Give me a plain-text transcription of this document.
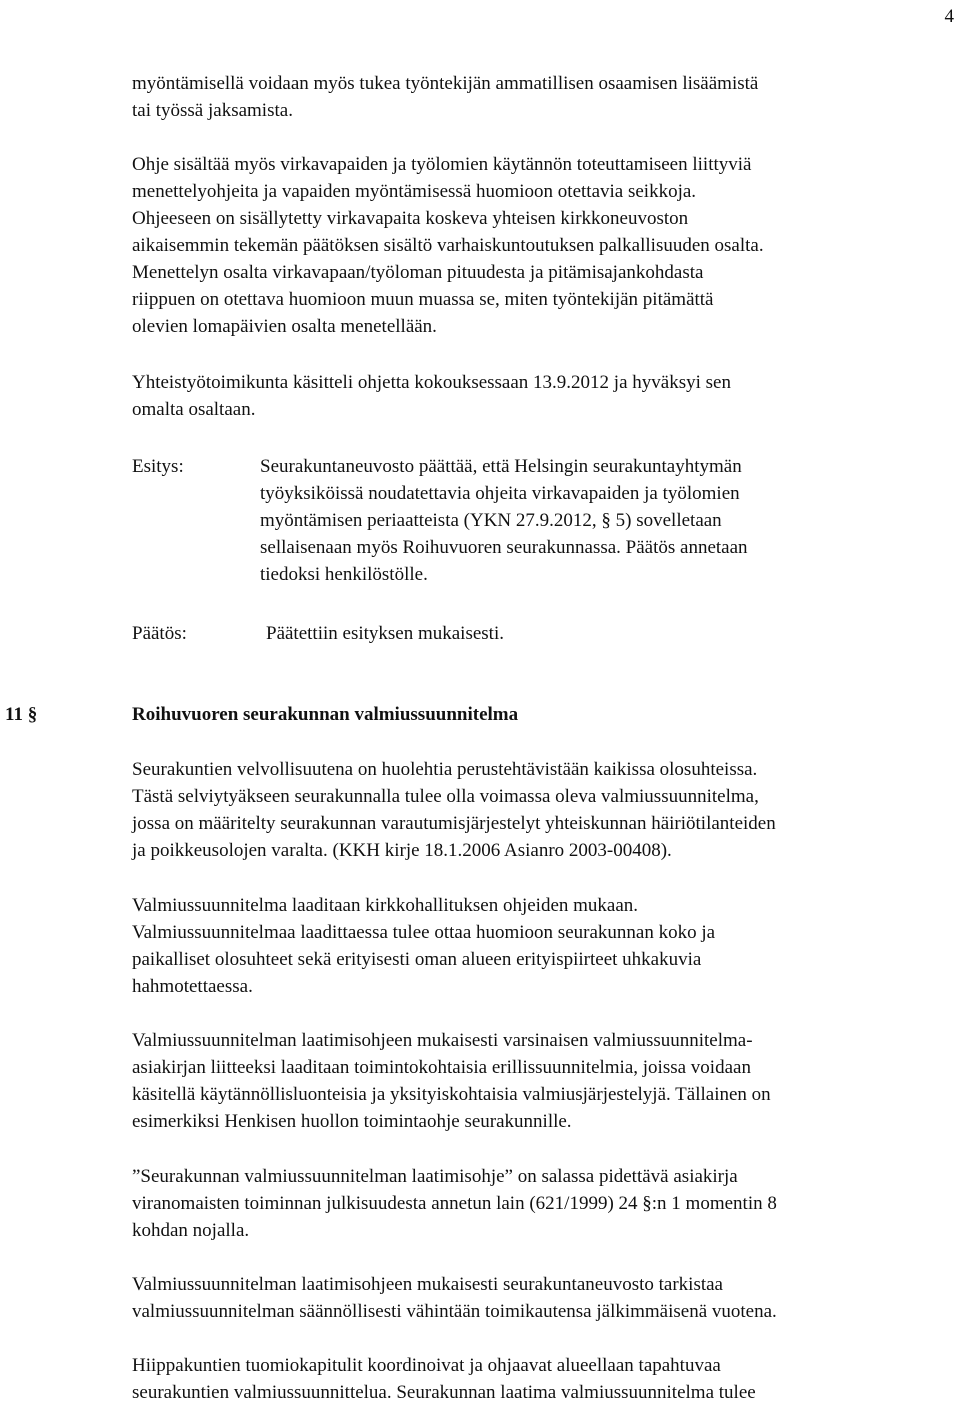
4
myöntämisellä voidaan myös tukea työntekijän ammatillisen osaamisen lisäämistä
tai työssä jaksamista.
Ohje sisältää myös virkavapaiden ja työlomien käytännön toteuttamiseen liittyviä
menettelyohjeita ja vapaiden myöntämisessä huomioon otettavia seikkoja.
Ohjeeseen on sisällytetty virkavapaita koskeva yhteisen kirkkoneuvoston
aikaisemmin tekemän päätöksen sisältö varhaiskuntoutuksen palkallisuuden osalta.
Menettelyn osalta virkavapaan/työloman pituudesta ja pitämisajankohdasta
riippuen on otettava huomioon muun muassa se, miten työntekijän pitämättä
olevien lomapäivien osalta menetellään.
Yhteistyötoimikunta käsitteli ohjetta kokouksessaan 13.9.2012 ja hyväksyi sen
omalta osaltaan.
Esitys:	Seurakuntaneuvosto päättää, että Helsingin seurakuntayhtymän
työyksiköissä noudatettavia ohjeita virkavapaiden ja työlomien
myöntämisen periaatteista (YKN 27.9.2012, § 5) sovelletaan
sellaisenaan myös Roihuvuoren seurakunnassa. Päätös annetaan
tiedoksi henkilöstölle.
Päätös:	Päätettiin esityksen mukaisesti.
11 §	Roihuvuoren seurakunnan valmiussuunnitelma
Seurakuntien velvollisuutena on huolehtia perustehtävistään kaikissa olosuhteissa.
Tästä selviytyäkseen seurakunnalla tulee olla voimassa oleva valmiussuunnitelma,
jossa on määritelty seurakunnan varautumisjärjestelyt yhteiskunnan häiriötilanteiden
ja poikkeusolojen varalta. (KKH kirje 18.1.2006 Asianro 2003-00408).
Valmiussuunnitelma laaditaan kirkkohallituksen ohjeiden mukaan.
Valmiussuunnitelmaa laadittaessa tulee ottaa huomioon seurakunnan koko ja
paikalliset olosuhteet sekä erityisesti oman alueen erityispiirteet uhkakuvia
hahmotettaessa.
Valmiussuunnitelman laatimisohjeen mukaisesti varsinaisen valmiussuunnitelma-
asiakirjan liitteeksi laaditaan toimintokohtaisia erillissuunnitelmia, joissa voidaan
käsitellä käytännöllisluonteisia ja yksityiskohtaisia valmiusjärjestelyjä. Tällainen on
esimerkiksi Henkisen huollon toimintaohje seurakunnille.
”Seurakunnan valmiussuunnitelman laatimisohje” on salassa pidettävä asiakirja
viranomaisten toiminnan julkisuudesta annetun lain (621/1999) 24 §:n 1 momentin 8
kohdan nojalla.
Valmiussuunnitelman laatimisohjeen mukaisesti seurakuntaneuvosto tarkistaa
valmiussuunnitelman säännöllisesti vähintään toimikautensa jälkimmäisenä vuotena.
Hiippakuntien tuomiokapitulit koordinoivat ja ohjaavat alueellaan tapahtuvaa
seurakuntien valmiussuunnittelua. Seurakunnan laatima valmiussuunnitelma tulee
